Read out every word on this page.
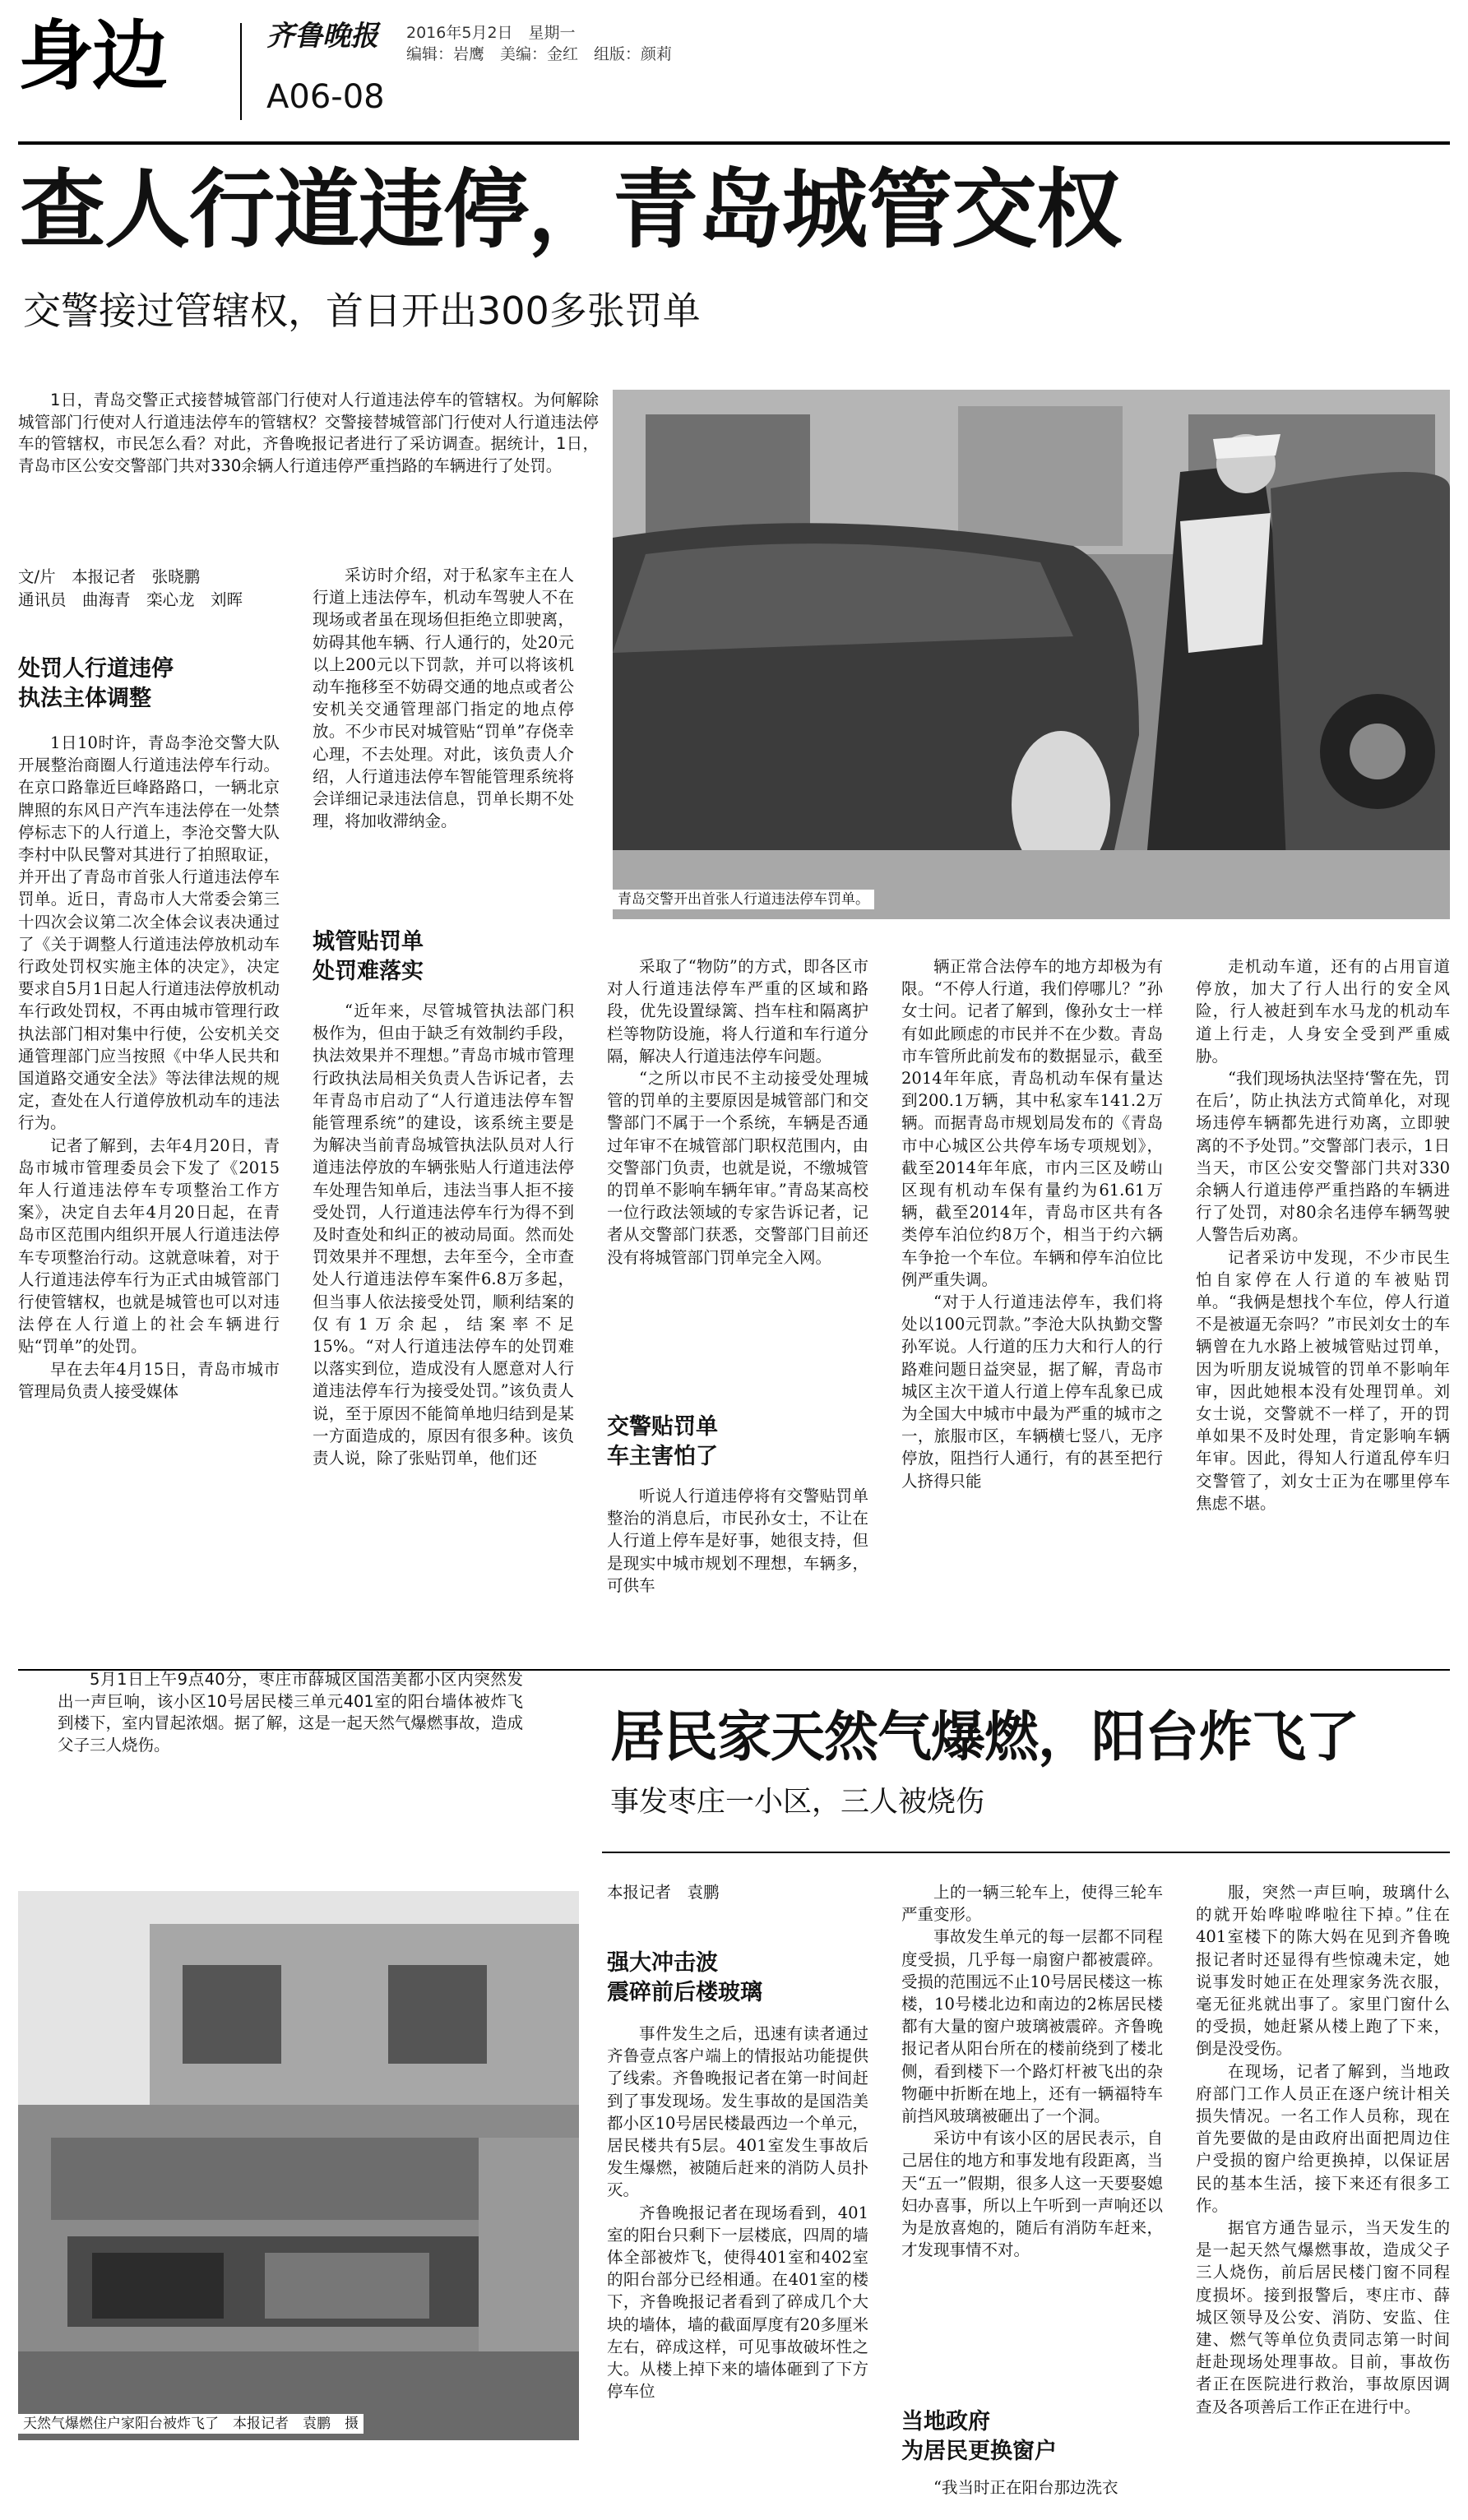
身边	齐鲁晚报
A06-08
2016年5月2日　星期一
编辑：岩鹰　美编：金红　组版：颜莉
查人行道违停，青岛城管交权
交警接过管辖权，首日开出300多张罚单

1日，青岛交警正式接替城管部门行使对人行道违法停车的管辖权。为何解除城管部门行使对人行道违法停车的管辖权？交警接替城管部门行使对人行道违法停车的管辖权，市民怎么看？对此，齐鲁晚报记者进行了采访调查。据统计，1日，青岛市区公安交警部门共对330余辆人行道违停严重挡路的车辆进行了处罚。

青岛交警开出首张人行道违法停车罚单。
文/片　本报记者　张晓鹏
通讯员　曲海青　栾心龙　刘晖
处罚人行道违停
执法主体调整

1日10时许，青岛李沧交警大队开展整治商圈人行道违法停车行动。在京口路靠近巨峰路路口，一辆北京牌照的东风日产汽车违法停在一处禁停标志下的人行道上，李沧交警大队李村中队民警对其进行了拍照取证，并开出了青岛市首张人行道违法停车罚单。近日，青岛市人大常委会第三十四次会议第二次全体会议表决通过了《关于调整人行道违法停放机动车行政处罚权实施主体的决定》，决定要求自5月1日起人行道违法停放机动车行政处罚权，不再由城市管理行政执法部门相对集中行使，公安机关交通管理部门应当按照《中华人民共和国道路交通安全法》等法律法规的规定，查处在人行道停放机动车的违法行为。

记者了解到，去年4月20日，青岛市城市管理委员会下发了《2015年人行道违法停车专项整治工作方案》，决定自去年4月20日起，在青岛市区范围内组织开展人行道违法停车专项整治行动。这就意味着，对于人行道违法停车行为正式由城管部门行使管辖权，也就是城管也可以对违法停在人行道上的社会车辆进行贴“罚单”的处罚。

早在去年4月15日，青岛市城市管理局负责人接受媒体

采访时介绍，对于私家车主在人行道上违法停车，机动车驾驶人不在现场或者虽在现场但拒绝立即驶离，妨碍其他车辆、行人通行的，处20元以上200元以下罚款，并可以将该机动车拖移至不妨碍交通的地点或者公安机关交通管理部门指定的地点停放。不少市民对城管贴“罚单”存侥幸心理，不去处理。对此，该负责人介绍，人行道违法停车智能管理系统将会详细记录违法信息，罚单长期不处理，将加收滞纳金。

城管贴罚单
处罚难落实

“近年来，尽管城管执法部门积极作为，但由于缺乏有效制约手段，执法效果并不理想。”青岛市城市管理行政执法局相关负责人告诉记者，去年青岛市启动了“人行道违法停车智能管理系统”的建设，该系统主要是为解决当前青岛城管执法队员对人行道违法停放的车辆张贴人行道违法停车处理告知单后，违法当事人拒不接受处罚，人行道违法停车行为得不到及时查处和纠正的被动局面。然而处罚效果并不理想，去年至今，全市查处人行道违法停车案件6.8万多起，但当事人依法接受处罚，顺利结案的仅有1万余起，结案率不足15%。“对人行道违法停车的处罚难以落实到位，造成没有人愿意对人行道违法停车行为接受处罚。”该负责人说，至于原因不能简单地归结到是某一方面造成的，原因有很多种。该负责人说，除了张贴罚单，他们还

采取了“物防”的方式，即各区市对人行道违法停车严重的区域和路段，优先设置绿篱、挡车柱和隔离护栏等物防设施，将人行道和车行道分隔，解决人行道违法停车问题。

“之所以市民不主动接受处理城管的罚单的主要原因是城管部门和交警部门不属于一个系统，车辆是否通过年审不在城管部门职权范围内，由交警部门负责，也就是说，不缴城管的罚单不影响车辆年审。”青岛某高校一位行政法领域的专家告诉记者，记者从交警部门获悉，交警部门目前还没有将城管部门罚单完全入网。

交警贴罚单
车主害怕了

听说人行道违停将有交警贴罚单整治的消息后，市民孙女士，不让在人行道上停车是好事，她很支持，但是现实中城市规划不理想，车辆多，可供车

辆正常合法停车的地方却极为有限。“不停人行道，我们停哪儿？”孙女士问。记者了解到，像孙女士一样有如此顾虑的市民并不在少数。青岛市车管所此前发布的数据显示，截至2014年年底，青岛机动车保有量达到200.1万辆，其中私家车141.2万辆。而据青岛市规划局发布的《青岛市中心城区公共停车场专项规划》，截至2014年年底，市内三区及崂山区现有机动车保有量约为61.61万辆，截至2014年，青岛市区共有各类停车泊位约8万个，相当于约六辆车争抢一个车位。车辆和停车泊位比例严重失调。

“对于人行道违法停车，我们将处以100元罚款。”李沧大队执勤交警孙军说。人行道的压力大和行人的行路难问题日益突显，据了解，青岛市城区主次干道人行道上停车乱象已成为全国大中城市中最为严重的城市之一，旅服市区，车辆横七竖八，无序停放，阻挡行人通行，有的甚至把行人挤得只能

走机动车道，还有的占用盲道停放，加大了行人出行的安全风险，行人被赶到车水马龙的机动车道上行走，人身安全受到严重威胁。

“我们现场执法坚持‘警在先，罚在后’，防止执法方式简单化，对现场违停车辆都先进行劝离，立即驶离的不予处罚。”交警部门表示，1日当天，市区公安交警部门共对330余辆人行道违停严重挡路的车辆进行了处罚，对80余名违停车辆驾驶人警告后劝离。

记者采访中发现，不少市民生怕自家停在人行道的车被贴罚单。“我俩是想找个车位，停人行道不是被逼无奈吗？”市民刘女士的车辆曾在九水路上被城管贴过罚单，因为听朋友说城管的罚单不影响年审，因此她根本没有处理罚单。刘女士说，交警就不一样了，开的罚单如果不及时处理，肯定影响车辆年审。因此，得知人行道乱停车归交警管了，刘女士正为在哪里停车焦虑不堪。

5月1日上午9点40分，枣庄市薛城区国浩美都小区内突然发出一声巨响，该小区10号居民楼三单元401室的阳台墙体被炸飞到楼下，室内冒起浓烟。据了解，这是一起天然气爆燃事故，造成父子三人烧伤。	居民家天然气爆燃，阳台炸飞了
事发枣庄一小区，三人被烧伤
天然气爆燃住户家阳台被炸飞了　本报记者　袁鹏　摄
本报记者　袁鹏
强大冲击波
震碎前后楼玻璃

事件发生之后，迅速有读者通过齐鲁壹点客户端上的情报站功能提供了线索。齐鲁晚报记者在第一时间赶到了事发现场。发生事故的是国浩美都小区10号居民楼最西边一个单元，居民楼共有5层。401室发生事故后发生爆燃，被随后赶来的消防人员扑灭。

齐鲁晚报记者在现场看到，401室的阳台只剩下一层楼底，四周的墙体全部被炸飞，使得401室和402室的阳台部分已经相通。在401室的楼下，齐鲁晚报记者看到了碎成几个大块的墙体，墙的截面厚度有20多厘米左右，碎成这样，可见事故破坏性之大。从楼上掉下来的墙体砸到了下方停车位

上的一辆三轮车上，使得三轮车严重变形。

事故发生单元的每一层都不同程度受损，几乎每一扇窗户都被震碎。受损的范围远不止10号居民楼这一栋楼，10号楼北边和南边的2栋居民楼都有大量的窗户玻璃被震碎。齐鲁晚报记者从阳台所在的楼前绕到了楼北侧，看到楼下一个路灯杆被飞出的杂物砸中折断在地上，还有一辆福特车前挡风玻璃被砸出了一个洞。

采访中有该小区的居民表示，自己居住的地方和事发地有段距离，当天“五一”假期，很多人这一天要娶媳妇办喜事，所以上午听到一声响还以为是放喜炮的，随后有消防车赶来，才发现事情不对。

当地政府
为居民更换窗户

“我当时正在阳台那边洗衣

服，突然一声巨响，玻璃什么的就开始哗啦哗啦往下掉。”住在401室楼下的陈大妈在见到齐鲁晚报记者时还显得有些惊魂未定，她说事发时她正在处理家务洗衣服，毫无征兆就出事了。家里门窗什么的受损，她赶紧从楼上跑了下来，倒是没受伤。

在现场，记者了解到，当地政府部门工作人员正在逐户统计相关损失情况。一名工作人员称，现在首先要做的是由政府出面把周边住户受损的窗户给更换掉，以保证居民的基本生活，接下来还有很多工作。

据官方通告显示，当天发生的是一起天然气爆燃事故，造成父子三人烧伤，前后居民楼门窗不同程度损坏。接到报警后，枣庄市、薛城区领导及公安、消防、安监、住建、燃气等单位负责同志第一时间赶赴现场处理事故。目前，事故伤者正在医院进行救治，事故原因调查及各项善后工作正在进行中。
